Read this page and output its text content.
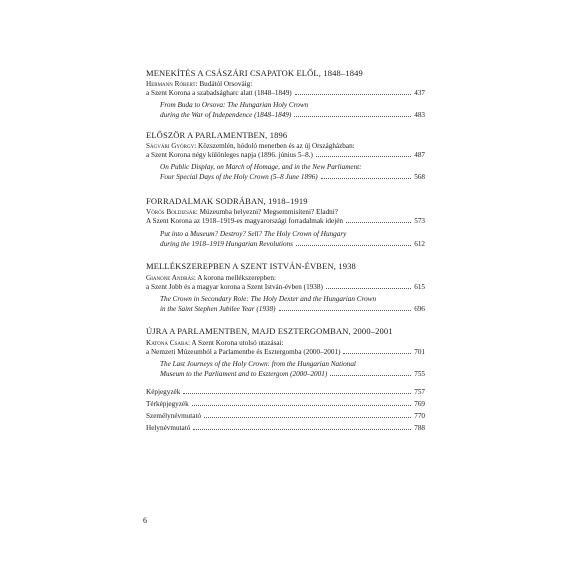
MENEKÍTÉS A CSÁSZÁRI CSAPATOK ELŐL, 1848–1849
Hermann Róbert: Budától Orsováig:
a Szent Korona a szabadságharc alatt (1848–1849)	437
From Buda to Orsova: The Hungarian Holy Crown
during the War of Independence (1848–1849)	483
ELŐSZÖR A PARLAMENTBEN, 1896
Ságvári György: Közszemlén, hódoló menetben és az új Országházban:
a Szent Korona négy különleges napja (1896. június 5–8.)	487
On Public Display, on March of Homage, and in the New Parliament:
Four Special Days of the Holy Crown (5–8 June 1896)	568
FORRADALMAK SODRÁBAN, 1918–1919
Vörös Boldizsár: Múzeumba helyezni? Megsemmisíteni? Eladni?
A Szent Korona az 1918–1919-es magyarországi forradalmak idején	573
Put into a Museum? Destroy? Sell? The Holy Crown of Hungary
during the 1918–1919 Hungarian Revolutions	612
MELLÉKSZEREPBEN A SZENT ISTVÁN-ÉVBEN, 1938
Gianone András: A korona mellékszerepben:
a Szent Jobb és a magyar korona a Szent István-évben (1938)	615
The Crown in Secondary Role: The Holy Dexter and the Hungarian Crown
in the Saint Stephen Jubilee Year (1938)	696
ÚJRA A PARLAMENTBEN, MAJD ESZTERGOMBAN, 2000–2001
Katona Csaba: A Szent Korona utolsó utazásai:
a Nemzeti Múzeumból a Parlamentbe és Esztergomba (2000–2001)	701
The Last Journeys of the Holy Crown: from the Hungarian National
Museum to the Parliament and to Esztergom (2000–2001)	755
Képjegyzék	757
Térképjegyzék	769
Személynévmutató	770
Helynévmutató	788
6
